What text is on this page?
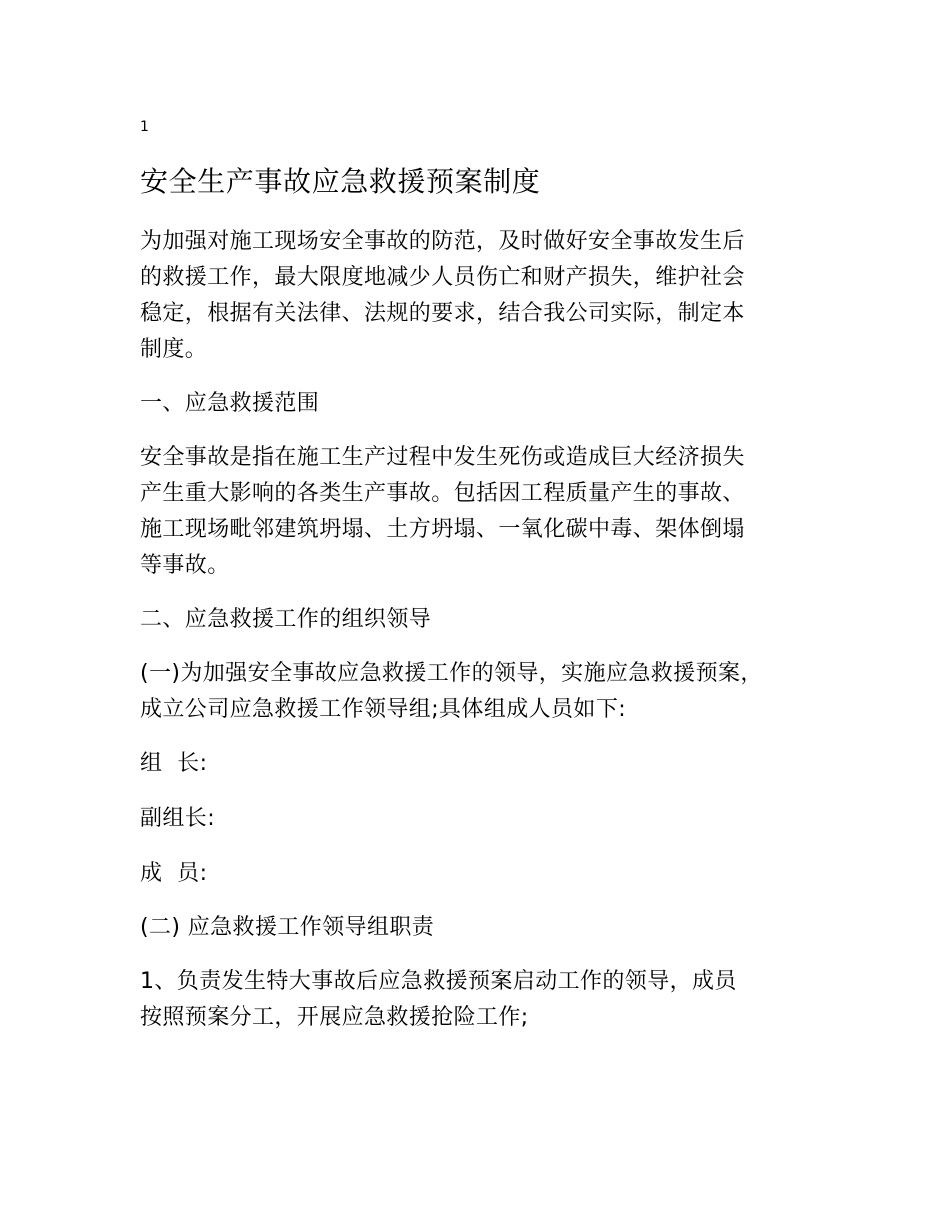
1
安全生产事故应急救援预案制度

为加强对施工现场安全事故的防范，及时做好安全事故发生后
的救援工作，最大限度地减少人员伤亡和财产损失，维护社会
稳定，根据有关法律、法规的要求，结合我公司实际，制定本
制度。

一、应急救援范围

安全事故是指在施工生产过程中发生死伤或造成巨大经济损失
产生重大影响的各类生产事故。包括因工程质量产生的事故、
施工现场毗邻建筑坍塌、土方坍塌、一氧化碳中毒、架体倒塌
等事故。

二、应急救援工作的组织领导

(一)为加强安全事故应急救援工作的领导，实施应急救援预案，
成立公司应急救援工作领导组;具体组成人员如下:

组  长:

副组长:

成  员:

(二) 应急救援工作领导组职责

1、负责发生特大事故后应急救援预案启动工作的领导，成员
按照预案分工，开展应急救援抢险工作;
